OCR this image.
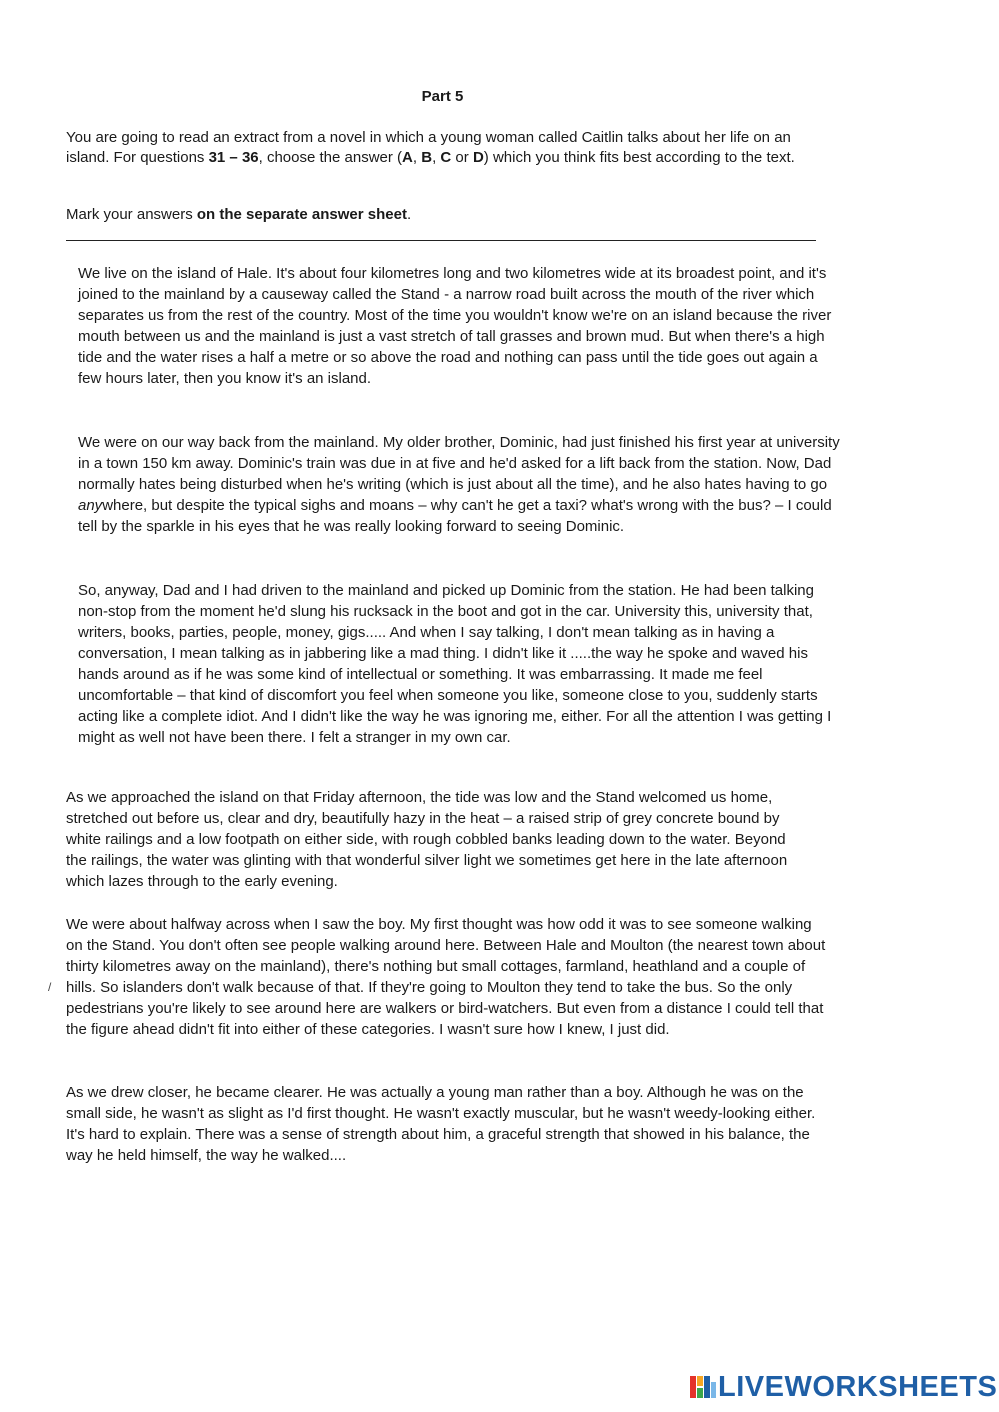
Part 5
You are going to read an extract from a novel in which a young woman called Caitlin talks about her life on an island. For questions 31 – 36, choose the answer (A, B, C or D) which you think fits best according to the text.
Mark your answers on the separate answer sheet.

We live on the island of Hale. It's about four kilometres long and two kilometres wide at its broadest point, and it's joined to the mainland by a causeway called the Stand - a narrow road built across the mouth of the river which separates us from the rest of the country. Most of the time you wouldn't know we're on an island because the river mouth between us and the mainland is just a vast stretch of tall grasses and brown mud. But when there's a high tide and the water rises a half a metre or so above the road and nothing can pass until the tide goes out again a few hours later, then you know it's an island.

We were on our way back from the mainland. My older brother, Dominic, had just finished his first year at university in a town 150 km away. Dominic's train was due in at five and he'd asked for a lift back from the station. Now, Dad normally hates being disturbed when he's writing (which is just about all the time), and he also hates having to go anywhere, but despite the typical sighs and moans – why can't he get a taxi? what's wrong with the bus? – I could tell by the sparkle in his eyes that he was really looking forward to seeing Dominic.

So, anyway, Dad and I had driven to the mainland and picked up Dominic from the station. He had been talking non-stop from the moment he'd slung his rucksack in the boot and got in the car. University this, university that, writers, books, parties, people, money, gigs..... And when I say talking, I don't mean talking as in having a conversation, I mean talking as in jabbering like a mad thing. I didn't like it .....the way he spoke and waved his hands around as if he was some kind of intellectual or something. It was embarrassing. It made me feel uncomfortable – that kind of discomfort you feel when someone you like, someone close to you, suddenly starts acting like a complete idiot. And I didn't like the way he was ignoring me, either. For all the attention I was getting I might as well not have been there. I felt a stranger in my own car.

As we approached the island on that Friday afternoon, the tide was low and the Stand welcomed us home, stretched out before us, clear and dry, beautifully hazy in the heat – a raised strip of grey concrete bound by white railings and a low footpath on either side, with rough cobbled banks leading down to the water. Beyond the railings, the water was glinting with that wonderful silver light we sometimes get here in the late afternoon which lazes through to the early evening.

We were about halfway across when I saw the boy. My first thought was how odd it was to see someone walking on the Stand. You don't often see people walking around here. Between Hale and Moulton (the nearest town about thirty kilometres away on the mainland), there's nothing but small cottages, farmland, heathland and a couple of hills. So islanders don't walk because of that. If they're going to Moulton they tend to take the bus. So the only pedestrians you're likely to see around here are walkers or bird-watchers. But even from a distance I could tell that the figure ahead didn't fit into either of these categories. I wasn't sure how I knew, I just did.

As we drew closer, he became clearer. He was actually a young man rather than a boy. Although he was on the small side, he wasn't as slight as I'd first thought. He wasn't exactly muscular, but he wasn't weedy-looking either. It's hard to explain. There was a sense of strength about him, a graceful strength that showed in his balance, the way he held himself, the way he walked....

/
LIVEWORKSHEETS
